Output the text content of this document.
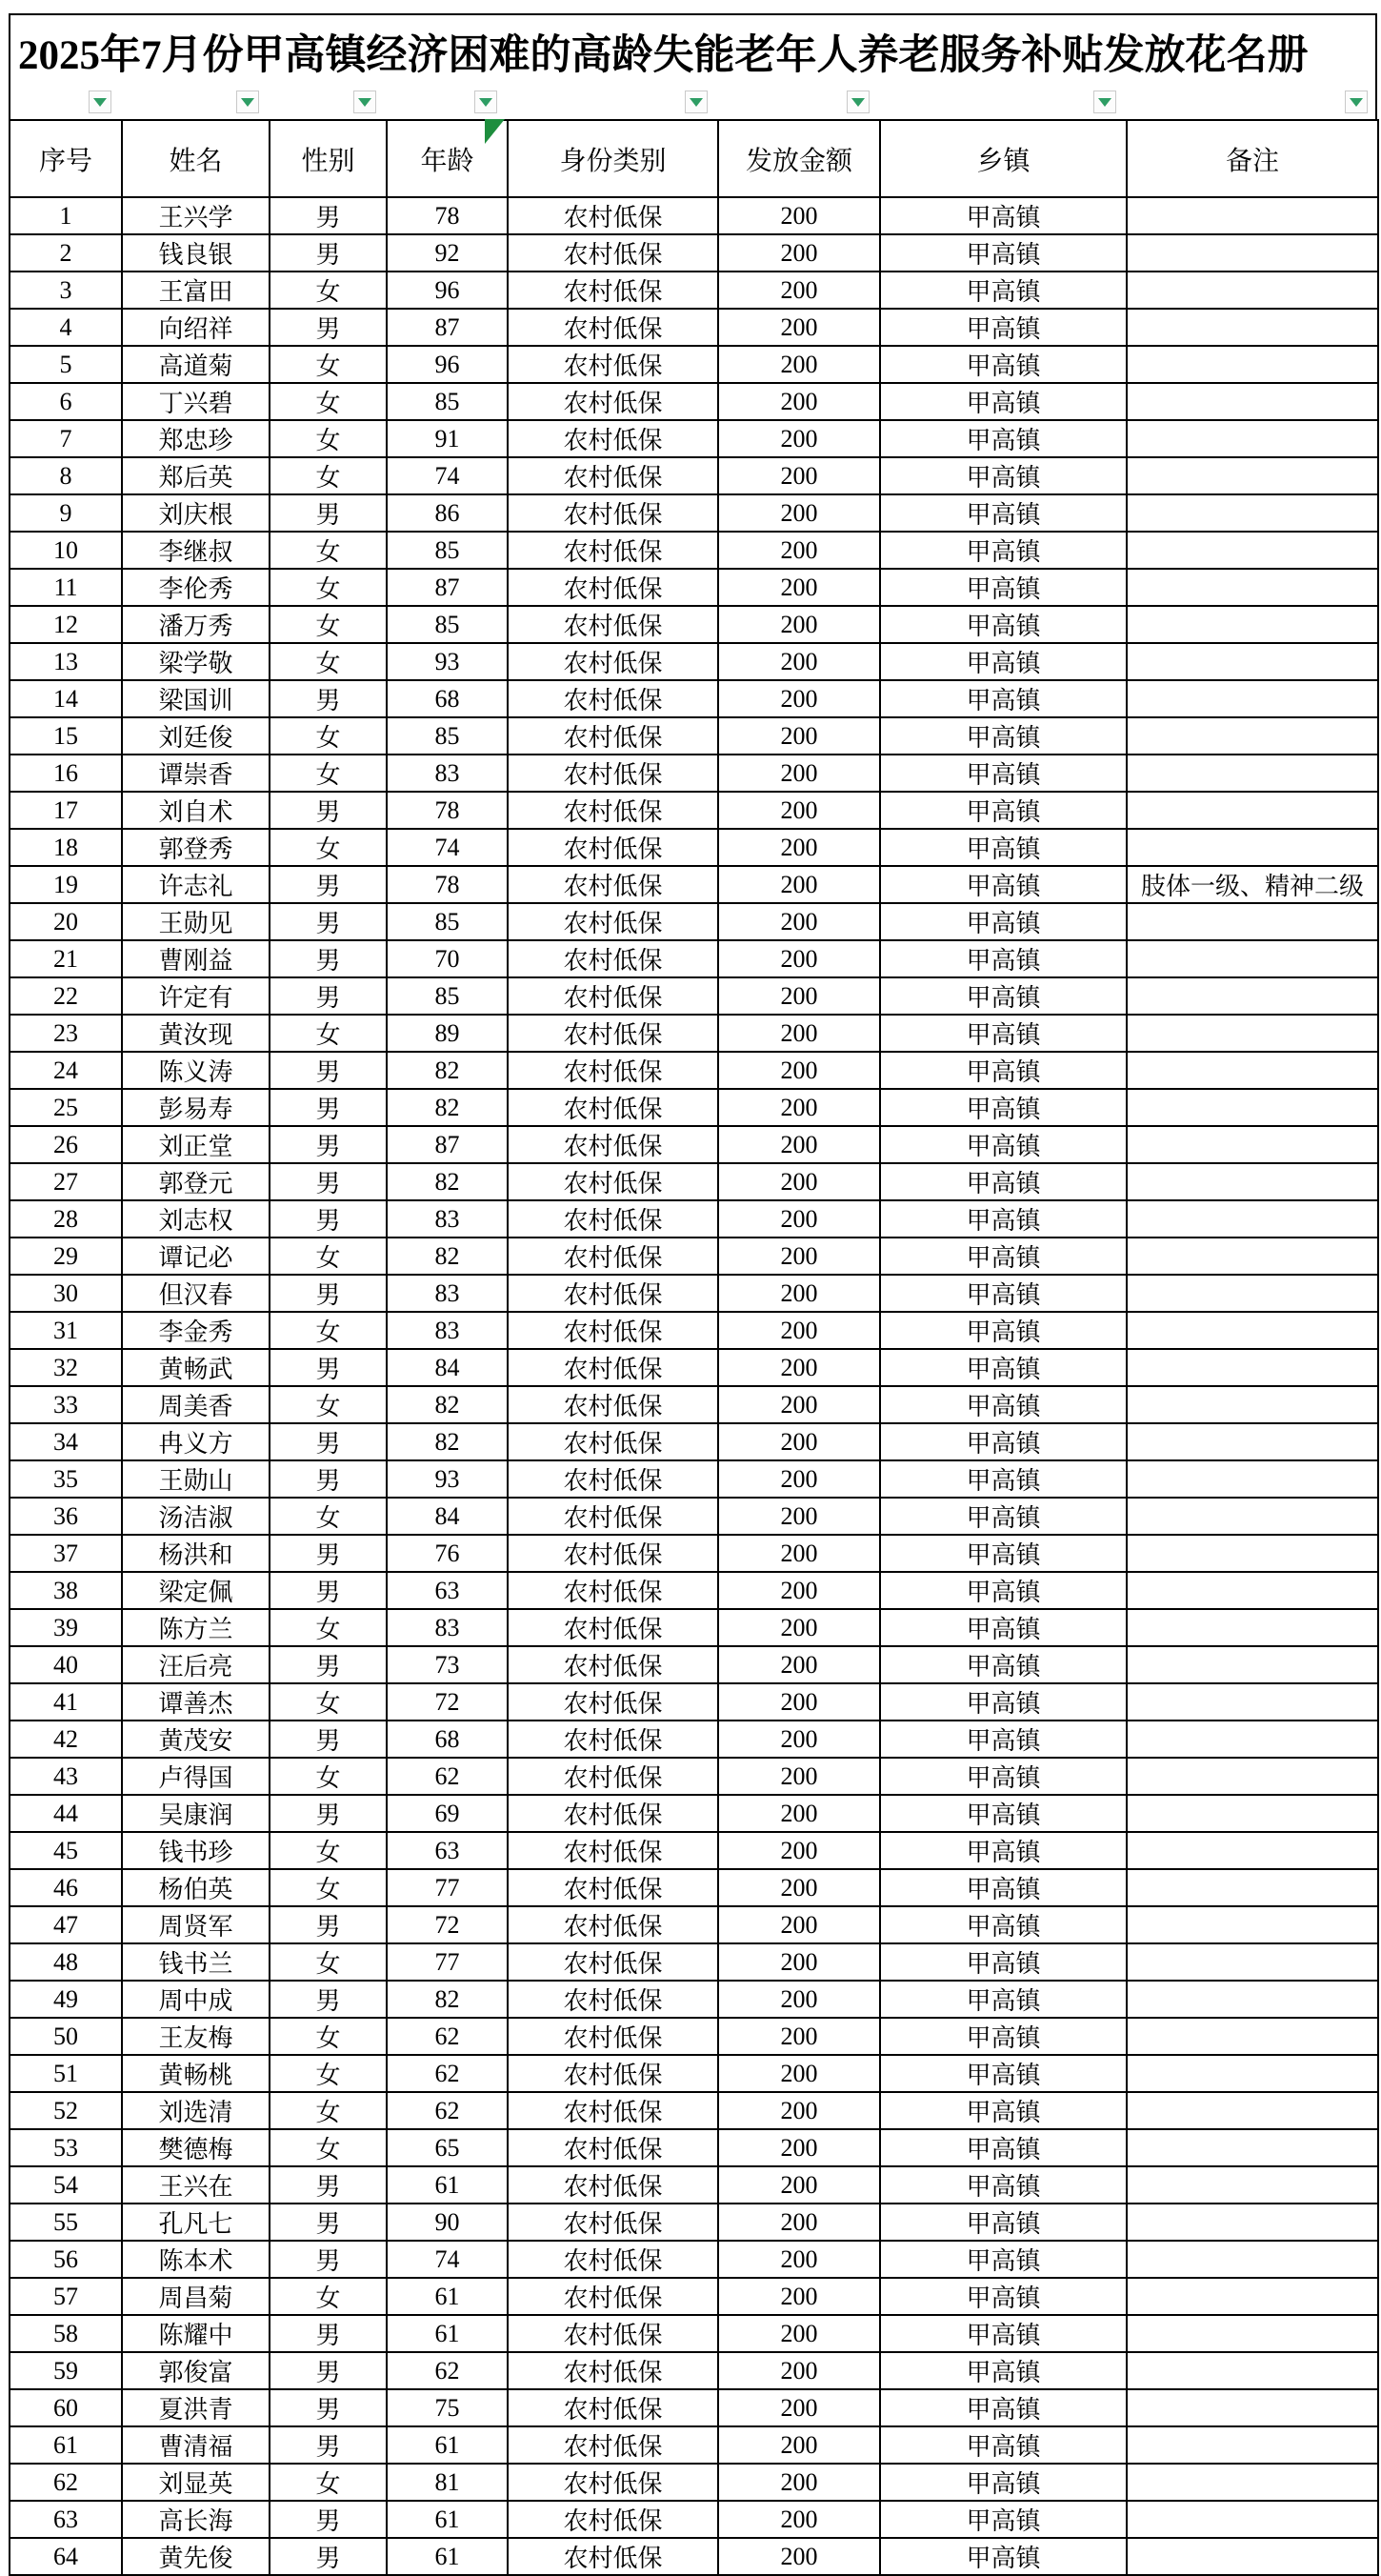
2025年7月份甲高镇经济困难的高龄失能老年人养老服务补贴发放花名册
序号	姓名	性别	年龄	身份类别	发放金额	乡镇	备注
1	王兴学	男	78	农村低保	200	甲高镇	
2	钱良银	男	92	农村低保	200	甲高镇	
3	王富田	女	96	农村低保	200	甲高镇	
4	向绍祥	男	87	农村低保	200	甲高镇	
5	高道菊	女	96	农村低保	200	甲高镇	
6	丁兴碧	女	85	农村低保	200	甲高镇	
7	郑忠珍	女	91	农村低保	200	甲高镇	
8	郑后英	女	74	农村低保	200	甲高镇	
9	刘庆根	男	86	农村低保	200	甲高镇	
10	李继叔	女	85	农村低保	200	甲高镇	
11	李伦秀	女	87	农村低保	200	甲高镇	
12	潘万秀	女	85	农村低保	200	甲高镇	
13	梁学敬	女	93	农村低保	200	甲高镇	
14	梁国训	男	68	农村低保	200	甲高镇	
15	刘廷俊	女	85	农村低保	200	甲高镇	
16	谭崇香	女	83	农村低保	200	甲高镇	
17	刘自术	男	78	农村低保	200	甲高镇	
18	郭登秀	女	74	农村低保	200	甲高镇	
19	许志礼	男	78	农村低保	200	甲高镇	肢体一级、精神二级
20	王勋见	男	85	农村低保	200	甲高镇	
21	曹刚益	男	70	农村低保	200	甲高镇	
22	许定有	男	85	农村低保	200	甲高镇	
23	黄汝现	女	89	农村低保	200	甲高镇	
24	陈义涛	男	82	农村低保	200	甲高镇	
25	彭易寿	男	82	农村低保	200	甲高镇	
26	刘正堂	男	87	农村低保	200	甲高镇	
27	郭登元	男	82	农村低保	200	甲高镇	
28	刘志权	男	83	农村低保	200	甲高镇	
29	谭记必	女	82	农村低保	200	甲高镇	
30	但汉春	男	83	农村低保	200	甲高镇	
31	李金秀	女	83	农村低保	200	甲高镇	
32	黄畅武	男	84	农村低保	200	甲高镇	
33	周美香	女	82	农村低保	200	甲高镇	
34	冉义方	男	82	农村低保	200	甲高镇	
35	王勋山	男	93	农村低保	200	甲高镇	
36	汤洁淑	女	84	农村低保	200	甲高镇	
37	杨洪和	男	76	农村低保	200	甲高镇	
38	梁定佩	男	63	农村低保	200	甲高镇	
39	陈方兰	女	83	农村低保	200	甲高镇	
40	汪后亮	男	73	农村低保	200	甲高镇	
41	谭善杰	女	72	农村低保	200	甲高镇	
42	黄茂安	男	68	农村低保	200	甲高镇	
43	卢得国	女	62	农村低保	200	甲高镇	
44	吴康润	男	69	农村低保	200	甲高镇	
45	钱书珍	女	63	农村低保	200	甲高镇	
46	杨伯英	女	77	农村低保	200	甲高镇	
47	周贤军	男	72	农村低保	200	甲高镇	
48	钱书兰	女	77	农村低保	200	甲高镇	
49	周中成	男	82	农村低保	200	甲高镇	
50	王友梅	女	62	农村低保	200	甲高镇	
51	黄畅桃	女	62	农村低保	200	甲高镇	
52	刘选清	女	62	农村低保	200	甲高镇	
53	樊德梅	女	65	农村低保	200	甲高镇	
54	王兴在	男	61	农村低保	200	甲高镇	
55	孔凡七	男	90	农村低保	200	甲高镇	
56	陈本术	男	74	农村低保	200	甲高镇	
57	周昌菊	女	61	农村低保	200	甲高镇	
58	陈耀中	男	61	农村低保	200	甲高镇	
59	郭俊富	男	62	农村低保	200	甲高镇	
60	夏洪青	男	75	农村低保	200	甲高镇	
61	曹清福	男	61	农村低保	200	甲高镇	
62	刘显英	女	81	农村低保	200	甲高镇	
63	高长海	男	61	农村低保	200	甲高镇	
64	黄先俊	男	61	农村低保	200	甲高镇	
